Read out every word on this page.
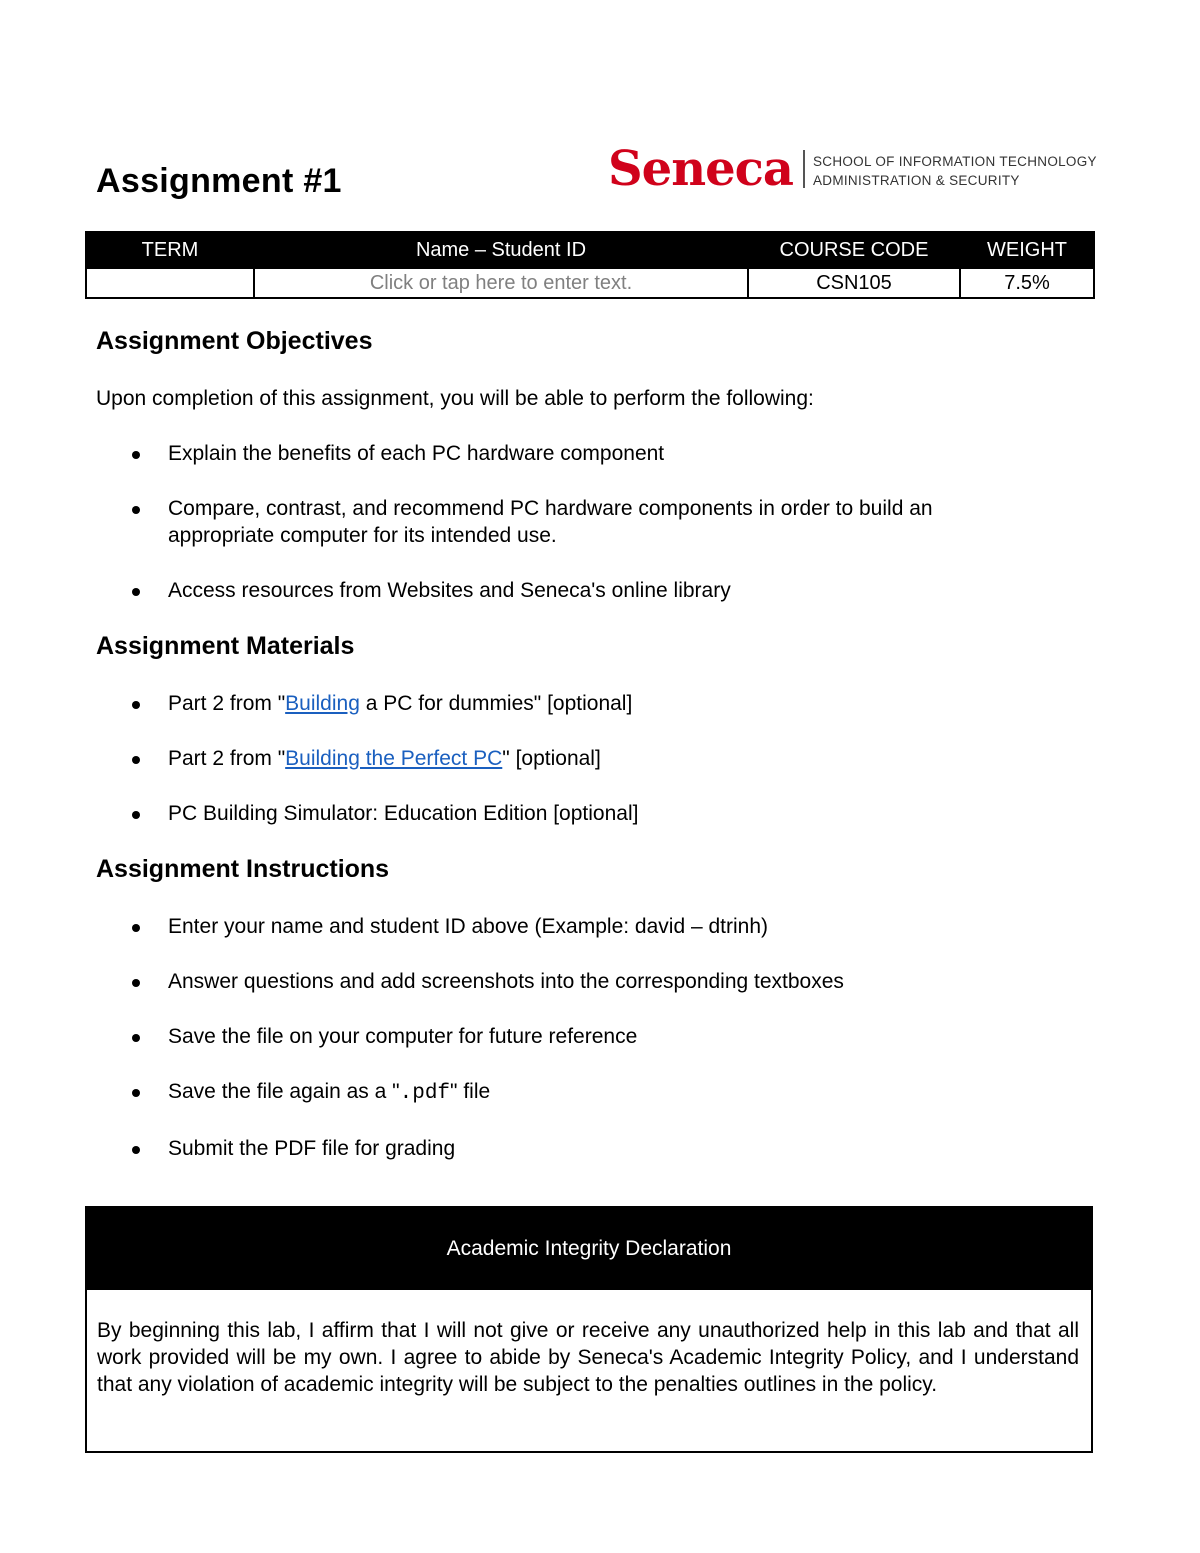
Assignment #1	Seneca SCHOOL OF INFORMATION TECHNOLOGY
ADMINISTRATION & SECURITY
TERM	Name – Student ID	COURSE CODE	WEIGHT
	Click or tap here to enter text.	CSN105	7.5%
Assignment Objectives

Upon completion of this assignment, you will be able to perform the following:

Explain the benefits of each PC hardware component
Compare, contrast, and recommend PC hardware components in order to build an appropriate computer for its intended use.
Access resources from Websites and Seneca's online library
Assignment Materials
Part 2 from "Building a PC for dummies" [optional]
Part 2 from "Building the Perfect PC" [optional]
PC Building Simulator: Education Edition [optional]
Assignment Instructions
Enter your name and student ID above (Example: david – dtrinh)
Answer questions and add screenshots into the corresponding textboxes
Save the file on your computer for future reference
Save the file again as a ".pdf" file
Submit the PDF file for grading
Academic Integrity Declaration
By beginning this lab, I affirm that I will not give or receive any unauthorized help in this lab and that all work provided will be my own. I agree to abide by Seneca's Academic Integrity Policy, and I understand that any violation of academic integrity will be subject to the penalties outlines in the policy.
